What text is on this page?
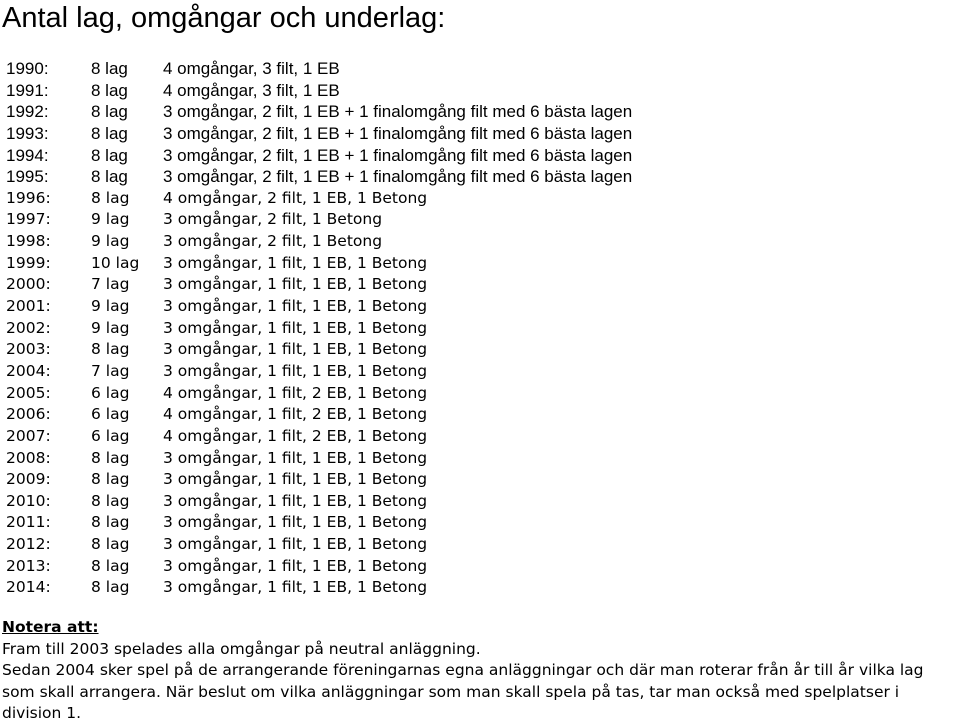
Antal lag, omgångar och underlag:
1990: 8 lag 4 omgångar, 3 filt, 1 EB
1991: 8 lag 4 omgångar, 3 filt, 1 EB
1992: 8 lag 3 omgångar, 2 filt, 1 EB + 1 finalomgång filt med 6 bästa lagen
1993: 8 lag 3 omgångar, 2 filt, 1 EB + 1 finalomgång filt med 6 bästa lagen
1994: 8 lag 3 omgångar, 2 filt, 1 EB + 1 finalomgång filt med 6 bästa lagen
1995: 8 lag 3 omgångar, 2 filt, 1 EB + 1 finalomgång filt med 6 bästa lagen
1996:	8 lag 4 omgångar, 2 filt, 1 EB, 1 Betong
1997:	9 lag 3 omgångar, 2 filt, 1 Betong
1998:	9 lag 3 omgångar, 2 filt, 1 Betong
1999:	10 lag 3 omgångar, 1 filt, 1 EB, 1 Betong
2000:	7 lag 3 omgångar, 1 filt, 1 EB, 1 Betong
2001:	9 lag 3 omgångar, 1 filt, 1 EB, 1 Betong
2002:	9 lag 3 omgångar, 1 filt, 1 EB, 1 Betong
2003:	8 lag 3 omgångar, 1 filt, 1 EB, 1 Betong
2004:	7 lag 3 omgångar, 1 filt, 1 EB, 1 Betong
2005:	6 lag 4 omgångar, 1 filt, 2 EB, 1 Betong
2006:	6 lag 4 omgångar, 1 filt, 2 EB, 1 Betong
2007:	6 lag 4 omgångar, 1 filt, 2 EB, 1 Betong
2008:	8 lag 3 omgångar, 1 filt, 1 EB, 1 Betong
2009:	8 lag 3 omgångar, 1 filt, 1 EB, 1 Betong
2010:	8 lag 3 omgångar, 1 filt, 1 EB, 1 Betong
2011:	8 lag 3 omgångar, 1 filt, 1 EB, 1 Betong
2012:	8 lag 3 omgångar, 1 filt, 1 EB, 1 Betong
2013:	8 lag 3 omgångar, 1 filt, 1 EB, 1 Betong
2014:	8 lag 3 omgångar, 1 filt, 1 EB, 1 Betong

Notera att:

Fram till 2003 spelades alla omgångar på neutral anläggning.

Sedan 2004 sker spel på de arrangerande föreningarnas egna anläggningar och där man roterar från år till år vilka lag som skall arrangera. När beslut om vilka anläggningar som man skall spela på tas, tar man också med spelplatser i division 1.
